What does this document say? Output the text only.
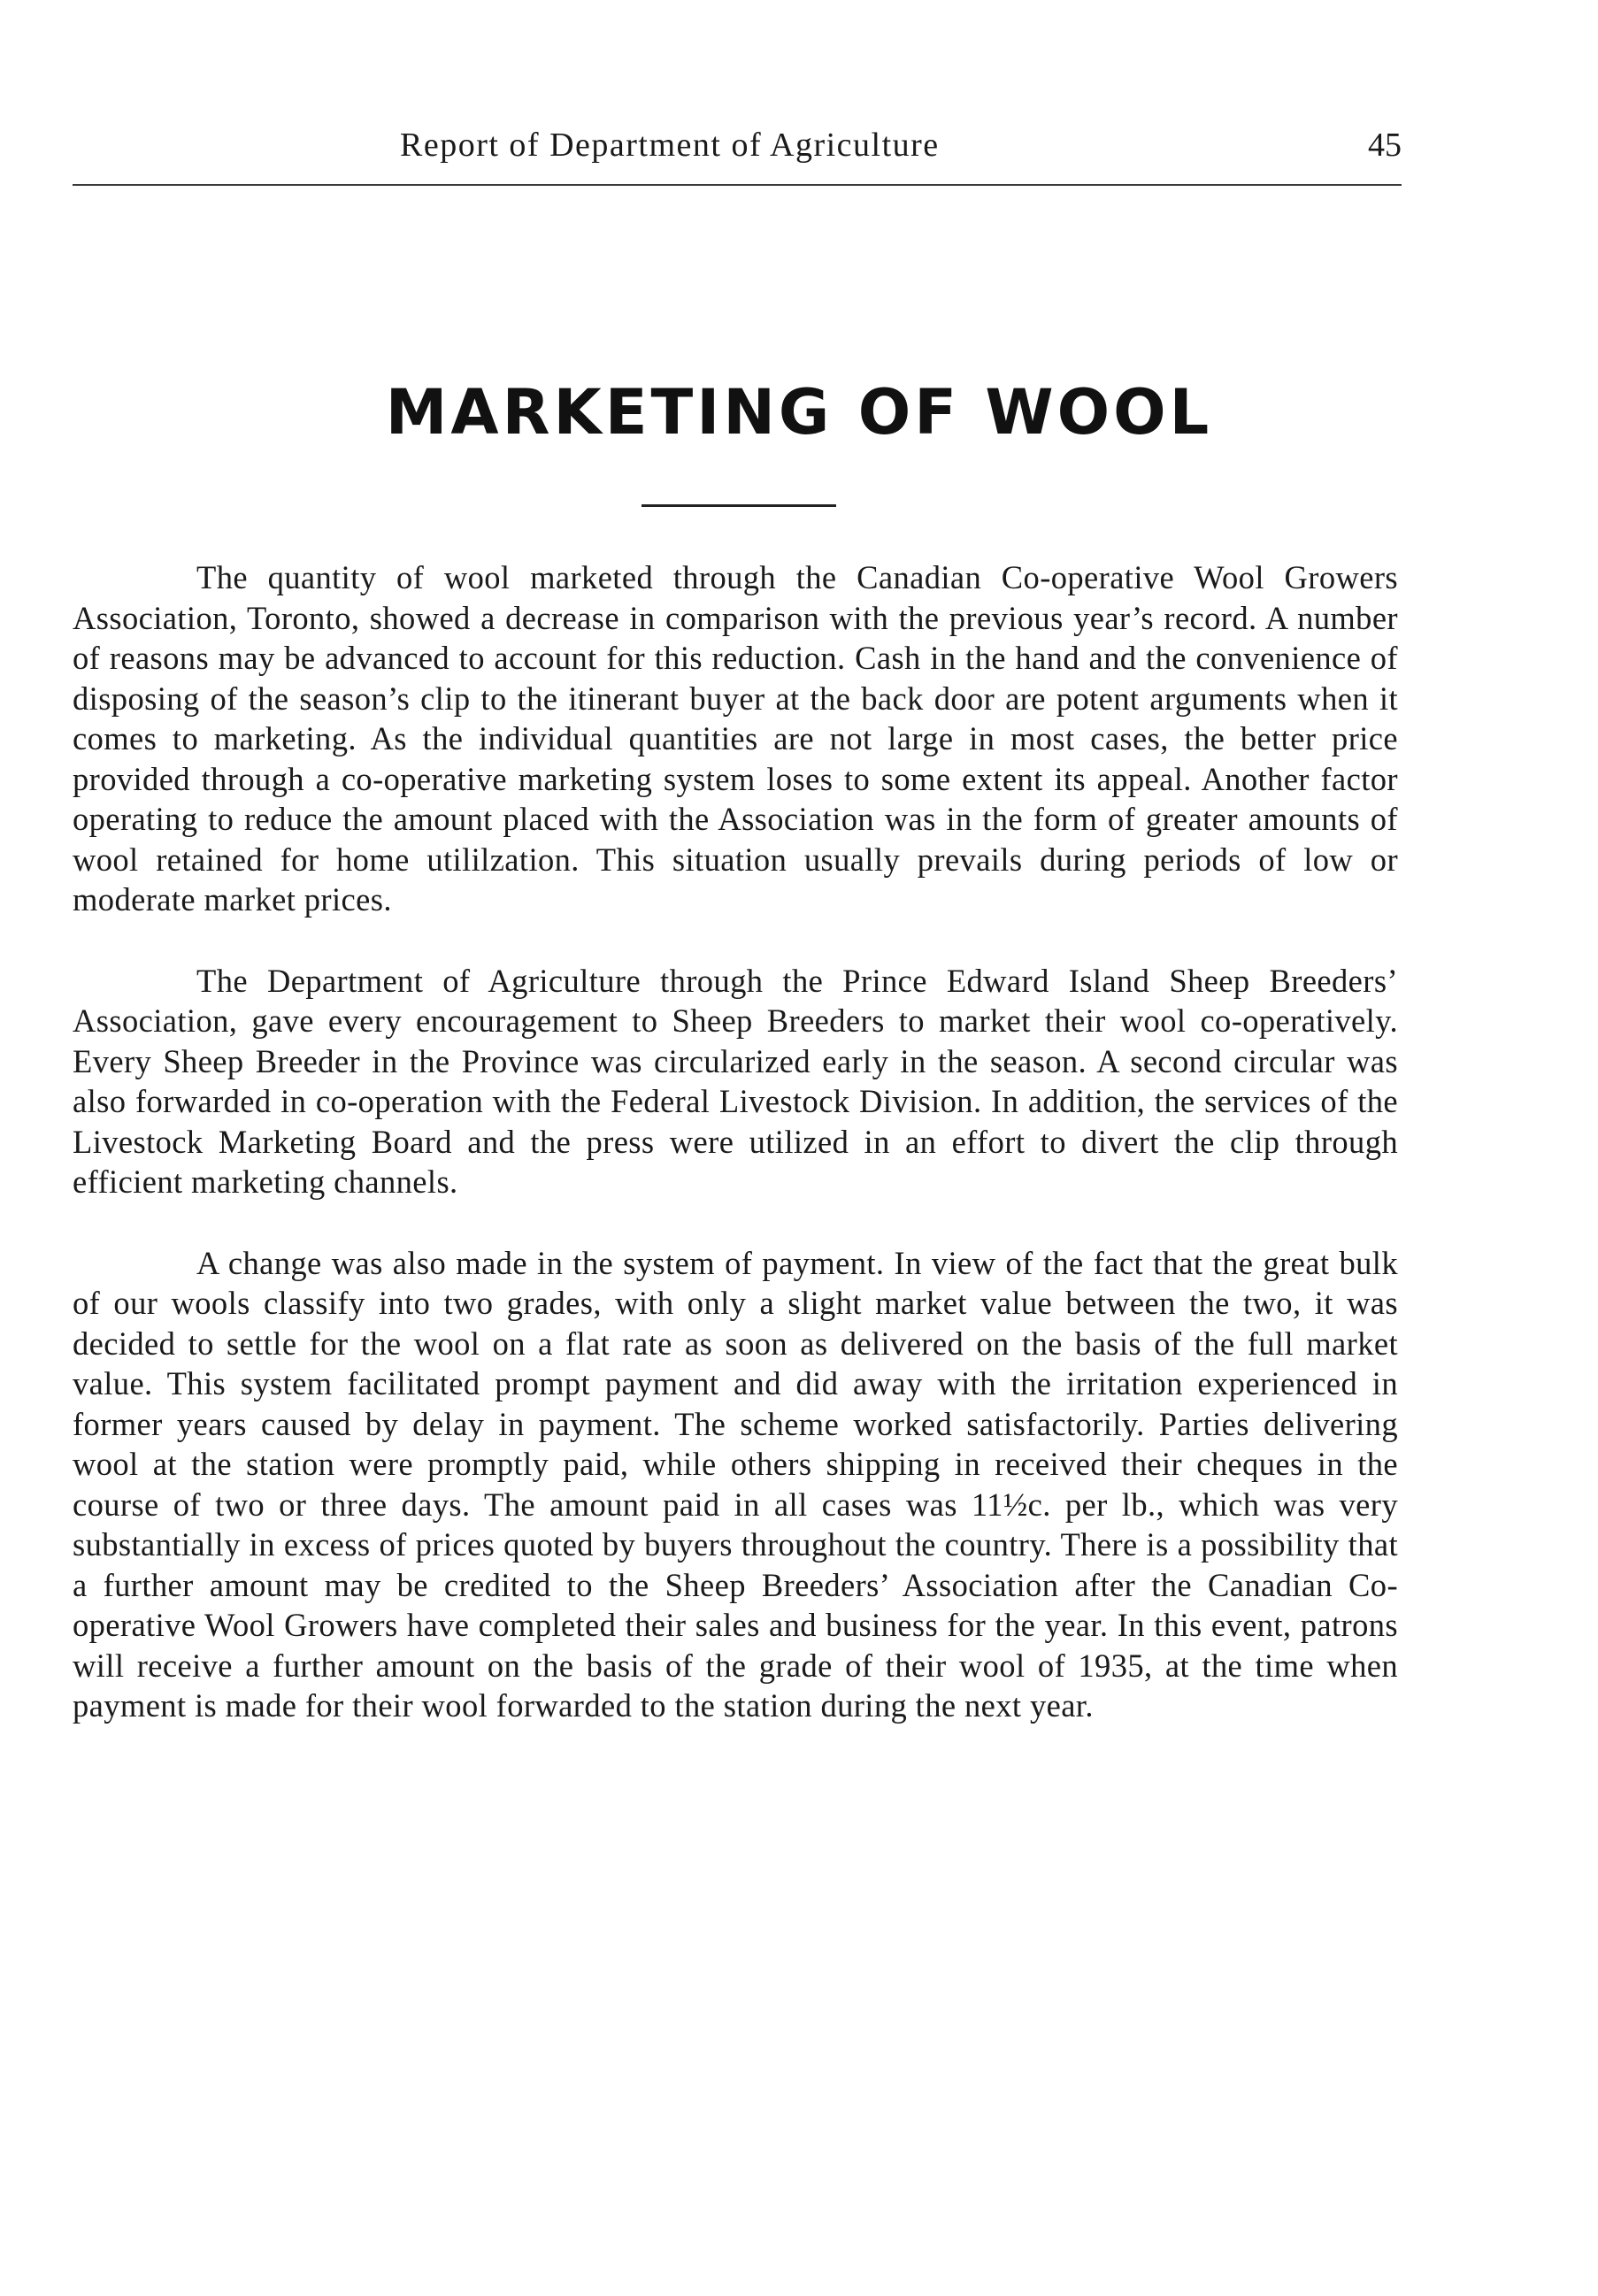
Report of Department of Agriculture	45
MARKETING OF WOOL

The quantity of wool marketed through the Canadian Co-operative Wool Growers Association, Toronto, showed a decrease in comparison with the previous year’s record. A number of reasons may be advanced to account for this reduction. Cash in the hand and the convenience of disposing of the season’s clip to the itinerant buyer at the back door are potent arguments when it comes to marketing. As the individual quantities are not large in most cases, the better price provided through a co-operative marketing system loses to some extent its appeal. Another factor operating to reduce the amount placed with the Association was in the form of greater amounts of wool retained for home utililzation. This situation usually prevails during periods of low or moderate market prices.

The Department of Agriculture through the Prince Edward Island Sheep Breeders’ Association, gave every encouragement to Sheep Breeders to market their wool co-operatively. Every Sheep Breeder in the Province was circularized early in the season. A second circular was also forwarded in co-operation with the Federal Livestock Division. In addition, the services of the Livestock Marketing Board and the press were utilized in an effort to divert the clip through efficient marketing channels.

A change was also made in the system of payment. In view of the fact that the great bulk of our wools classify into two grades, with only a slight market value between the two, it was decided to settle for the wool on a flat rate as soon as delivered on the basis of the full market value. This system facilitated prompt payment and did away with the irritation experienced in former years caused by delay in payment. The scheme worked satisfactorily. Parties delivering wool at the station were promptly paid, while others shipping in received their cheques in the course of two or three days. The amount paid in all cases was 11½c. per lb., which was very substantially in excess of prices quoted by buyers throughout the country. There is a possibility that a further amount may be credited to the Sheep Breeders’ Association after the Canadian Co-operative Wool Growers have completed their sales and business for the year. In this event, patrons will receive a further amount on the basis of the grade of their wool of 1935, at the time when payment is made for their wool forwarded to the station during the next year.
